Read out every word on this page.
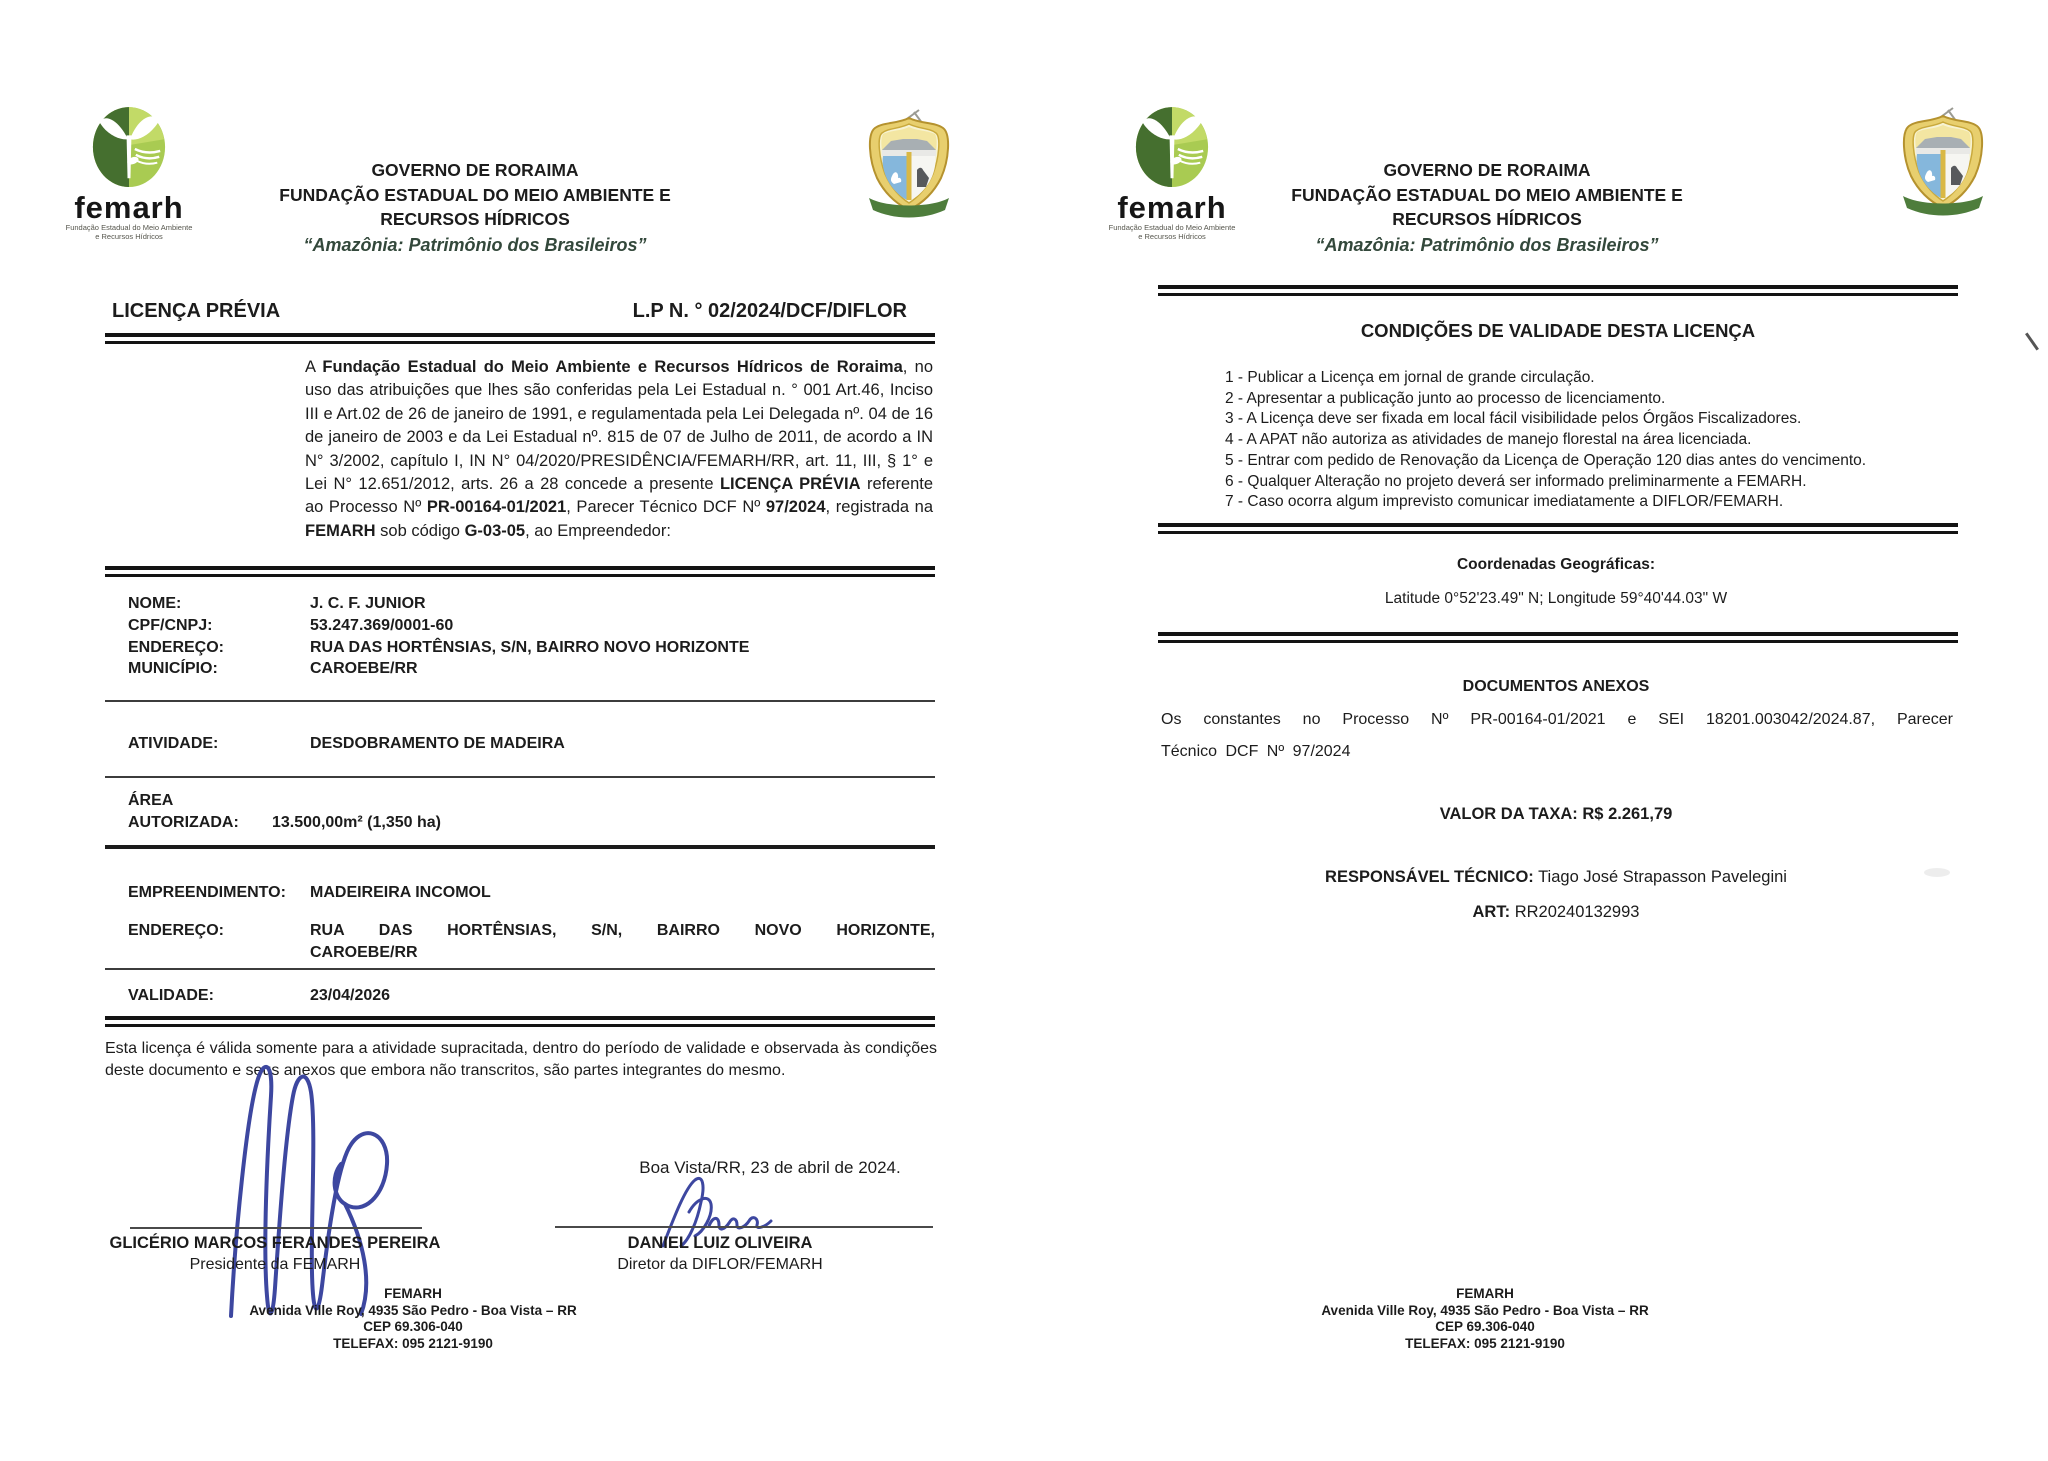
femarh
Fundação Estadual do Meio Ambiente
e Recursos Hídricos
GOVERNO DE RORAIMA
FUNDAÇÃO ESTADUAL DO MEIO AMBIENTE E
RECURSOS HÍDRICOS
“Amazônia: Patrimônio dos Brasileiros”
LICENÇA PRÉVIA	L.P N. ° 02/2024/DCF/DIFLOR
A Fundação Estadual do Meio Ambiente e Recursos Hídricos de Roraima, no uso das atribuições que lhes são conferidas pela Lei Estadual n. ° 001 Art.46, Inciso III e Art.02 de 26 de janeiro de 1991, e regulamentada pela Lei Delegada nº. 04 de 16 de janeiro de 2003 e da Lei Estadual nº. 815 de 07 de Julho de 2011, de acordo a IN N° 3/2002, capítulo I, IN N° 04/2020/PRESIDÊNCIA/FEMARH/RR, art. 11, III, § 1° e Lei N° 12.651/2012, arts. 26 a 28 concede a presente LICENÇA PRÉVIA referente ao Processo Nº PR-00164-01/2021, Parecer Técnico DCF Nº 97/2024, registrada na FEMARH sob código G-03-05, ao Empreendedor:
NOME:	J. C. F. JUNIOR
CPF/CNPJ:	53.247.369/0001-60
ENDEREÇO:	RUA DAS HORTÊNSIAS, S/N, BAIRRO NOVO HORIZONTE
MUNICÍPIO:	CAROEBE/RR
ATIVIDADE:	DESDOBRAMENTO DE MADEIRA
ÁREA
AUTORIZADA:	13.500,00m² (1,350 ha)
EMPREENDIMENTO:	MADEIREIRA INCOMOL
ENDEREÇO:	RUA DAS HORTÊNSIAS, S/N, BAIRRO NOVO HORIZONTE,
CAROEBE/RR
VALIDADE:	23/04/2026
Esta licença é válida somente para a atividade supracitada, dentro do período de validade e observada às condições deste documento e seus anexos que embora não transcritos, são partes integrantes do mesmo.
Boa Vista/RR, 23 de abril de 2024.
GLICÉRIO MARCOS FERANDES PEREIRA
Presidente da FEMARH
DANIEL LUIZ OLIVEIRA
Diretor da DIFLOR/FEMARH
FEMARH
Avenida Ville Roy, 4935 São Pedro - Boa Vista – RR
CEP 69.306-040
TELEFAX: 095 2121-9190
femarh
Fundação Estadual do Meio Ambiente
e Recursos Hídricos
GOVERNO DE RORAIMA
FUNDAÇÃO ESTADUAL DO MEIO AMBIENTE E
RECURSOS HÍDRICOS
“Amazônia: Patrimônio dos Brasileiros”
CONDIÇÕES DE VALIDADE DESTA LICENÇA
1 - Publicar a Licença em jornal de grande circulação.
2 - Apresentar a publicação junto ao processo de licenciamento.
3 - A Licença deve ser fixada em local fácil visibilidade pelos Órgãos Fiscalizadores.
4 - A APAT não autoriza as atividades de manejo florestal na área licenciada.
5 - Entrar com pedido de Renovação da Licença de Operação 120 dias antes do vencimento.
6 - Qualquer Alteração no projeto deverá ser informado preliminarmente a FEMARH.
7 - Caso ocorra algum imprevisto comunicar imediatamente a DIFLOR/FEMARH.
Coordenadas Geográficas:
Latitude 0°52'23.49" N; Longitude 59°40'44.03" W
DOCUMENTOS ANEXOS
Os constantes no Processo Nº PR-00164-01/2021 e SEI 18201.003042/2024.87, Parecer
Técnico DCF Nº 97/2024
VALOR DA TAXA: R$ 2.261,79
RESPONSÁVEL TÉCNICO: Tiago José Strapasson Pavelegini
ART: RR20240132993
FEMARH
Avenida Ville Roy, 4935 São Pedro - Boa Vista – RR
CEP 69.306-040
TELEFAX: 095 2121-9190
